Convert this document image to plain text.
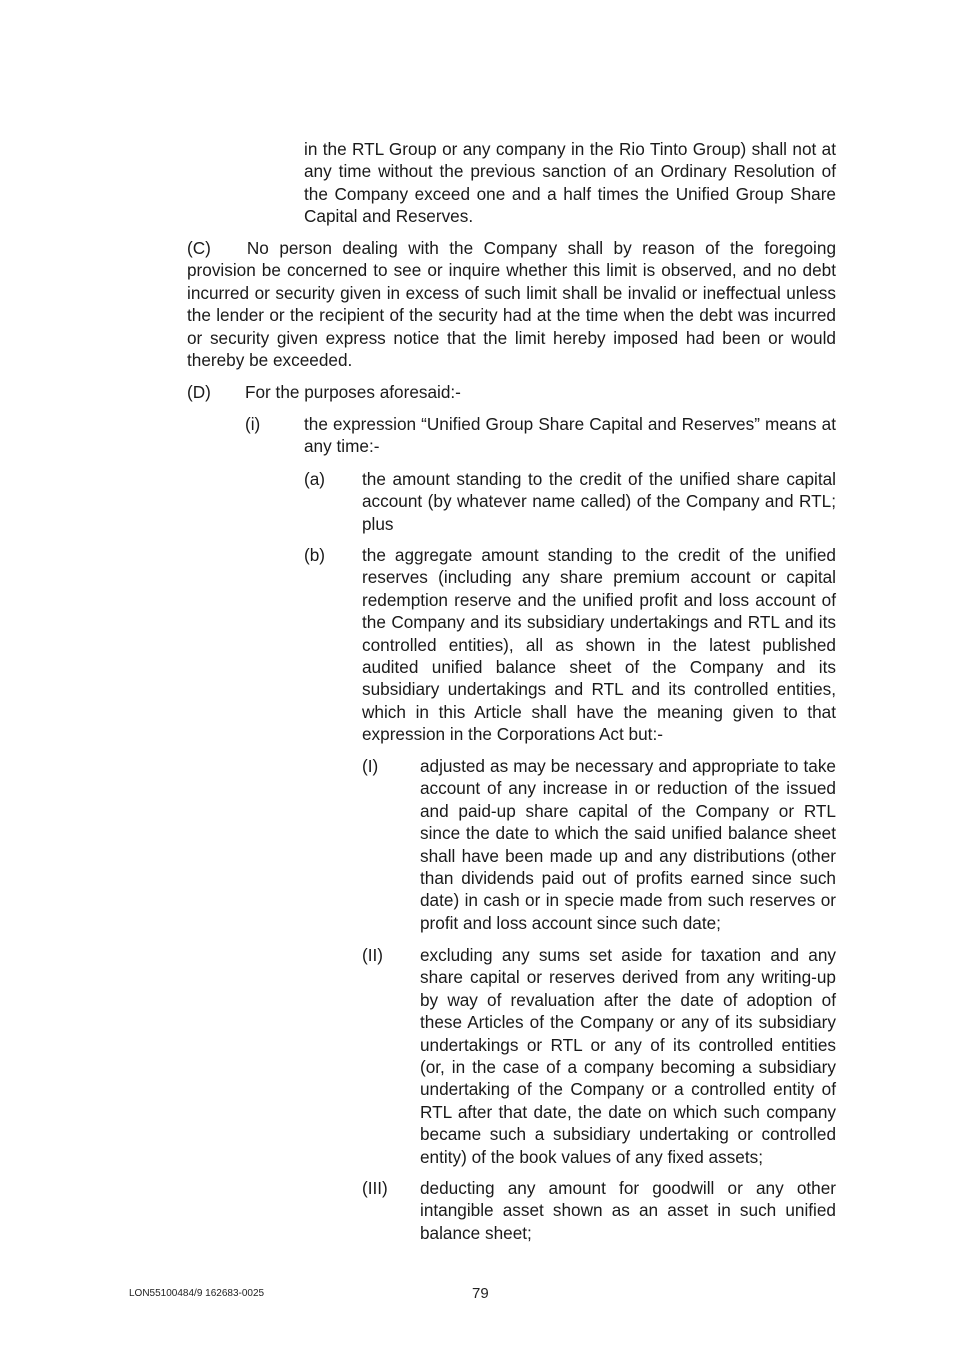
in the RTL Group or any company in the Rio Tinto Group) shall not at any time without the previous sanction of an Ordinary Resolution of the Company exceed one and a half times the Unified Group Share Capital and Reserves.

(C) No person dealing with the Company shall by reason of the foregoing provision be concerned to see or inquire whether this limit is observed, and no debt incurred or security given in excess of such limit shall be invalid or ineffectual unless the lender or the recipient of the security had at the time when the debt was incurred or security given express notice that the limit hereby imposed had been or would thereby be exceeded.

(D) For the purposes aforesaid:-

(i)	the expression “Unified Group Share Capital and Reserves” means at any time:-

(a) the amount standing to the credit of the unified share capital account (by whatever name called) of the Company and RTL; plus

(b) the aggregate amount standing to the credit of the unified reserves (including any share premium account or capital redemption reserve and the unified profit and loss account of the Company and its subsidiary undertakings and RTL and its controlled entities), all as shown in the latest published audited unified balance sheet of the Company and its subsidiary undertakings and RTL and its controlled entities, which in this Article shall have the meaning given to that expression in the Corporations Act but:-

(I) adjusted as may be necessary and appropriate to take account of any increase in or reduction of the issued and paid-up share capital of the Company or RTL since the date to which the said unified balance sheet shall have been made up and any distributions (other than dividends paid out of profits earned since such date) in cash or in specie made from such reserves or profit and loss account since such date;

(II) excluding any sums set aside for taxation and any share capital or reserves derived from any writing-up by way of revaluation after the date of adoption of these Articles of the Company or any of its subsidiary undertakings or RTL or any of its controlled entities (or, in the case of a company becoming a subsidiary undertaking of the Company or a controlled entity of RTL after that date, the date on which such company became such a subsidiary undertaking or controlled entity) of the book values of any fixed assets;

(III) deducting any amount for goodwill or any other intangible asset shown as an asset in such unified balance sheet;

LON55100484/9 162683-0025	79
